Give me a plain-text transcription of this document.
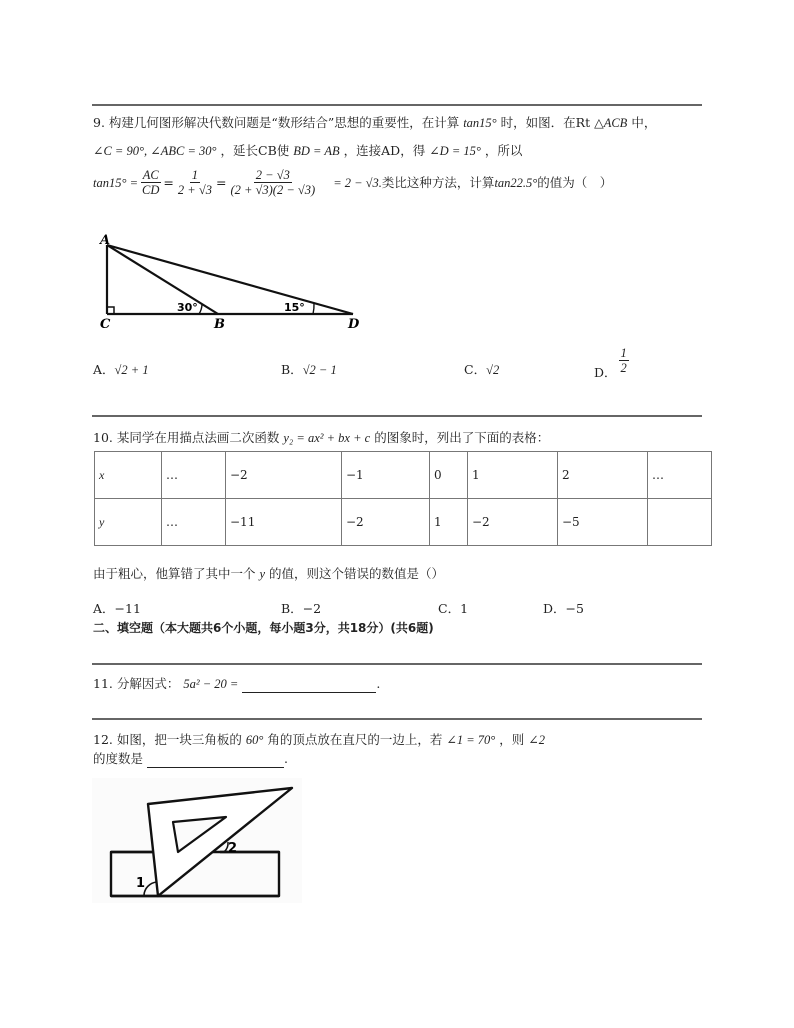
9. 构建几何图形解决代数问题是“数形结合”思想的重要性，在计算 tan15° 时，如图．在Rt △ACB 中，
∠C = 90°, ∠ABC = 30° ，延长CB使 BD = AB ，连接AD，得 ∠D = 15° ，所以
$\tan 15^\circ = \frac{AC}{CD} = \frac{1}{2 + √3} = \frac{2 - √3}{(2 + √3)(2 - √3)} = 2 - √3$. 类比这种方法，计算 tan22.5° 的值为（　）
A
C	B	D
30°	15°
A．√2 + 1	B．√2 − 1	C．√2	D． $\frac{1}{2}$
10. 某同学在用描点法画二次函数 y₂ = ax² + bx + c 的图象时，列出了下面的表格：
x	…	−2	−1	0	1	2	…
y	…	−11	−2	1	−2	−5	
由于粗心，他算错了其中一个 y 的值，则这个错误的数值是（）
A．−11	B．−2	C．1	D．−5
二、填空题（本大题共6个小题，每小题3分，共18分）(共6题)
11. 分解因式： 5a² − 20 =	.
12. 如图，把一块三角板的 60° 角的顶点放在直尺的一边上，若 ∠1 = 70° ，则 ∠2
的度数是	.
1
2
